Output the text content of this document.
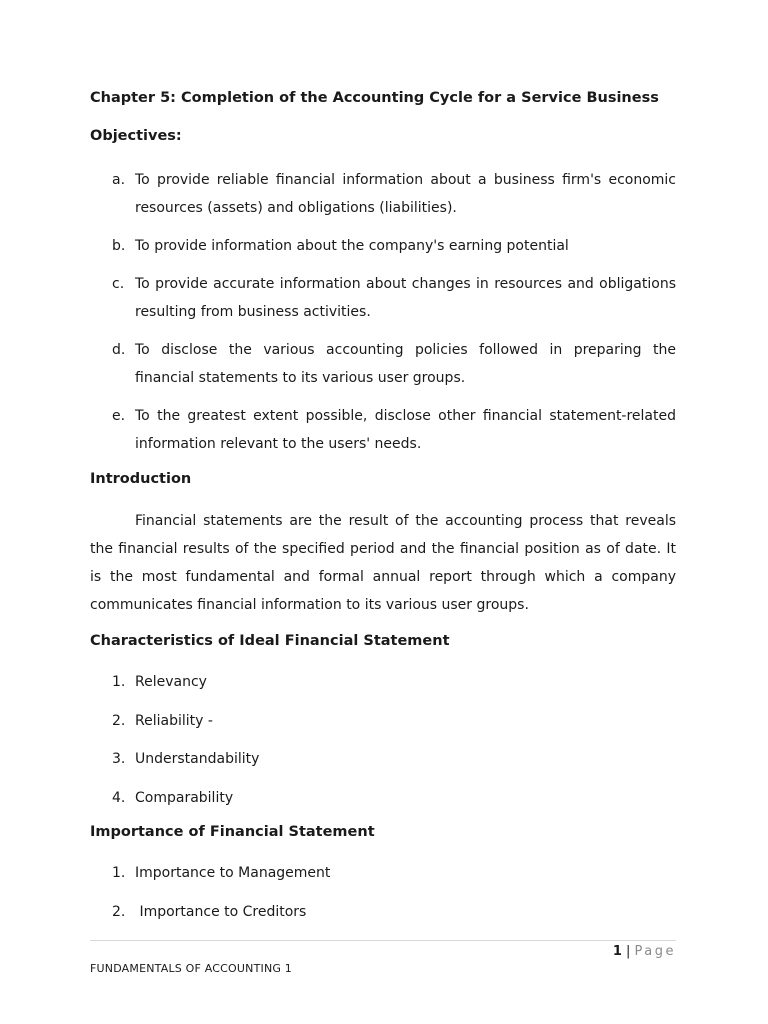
Chapter 5: Completion of the Accounting Cycle for a Service Business
Objectives:
a. To provide reliable financial information about a business firm's economic resources (assets) and obligations (liabilities).
b. To provide information about the company's earning potential
c. To provide accurate information about changes in resources and obligations resulting from business activities.
d. To disclose the various accounting policies followed in preparing the financial statements to its various user groups.
e. To the greatest extent possible, disclose other financial statement-related information relevant to the users' needs.
Introduction

Financial statements are the result of the accounting process that reveals the financial results of the specified period and the financial position as of date. It is the most fundamental and formal annual report through which a company communicates financial information to its various user groups.

Characteristics of Ideal Financial Statement
1. Relevancy
2. Reliability -
3. Understandability
4. Comparability
Importance of Financial Statement
1. Importance to Management
2. Importance to Creditors
1 | Page
FUNDAMENTALS OF ACCOUNTING 1
